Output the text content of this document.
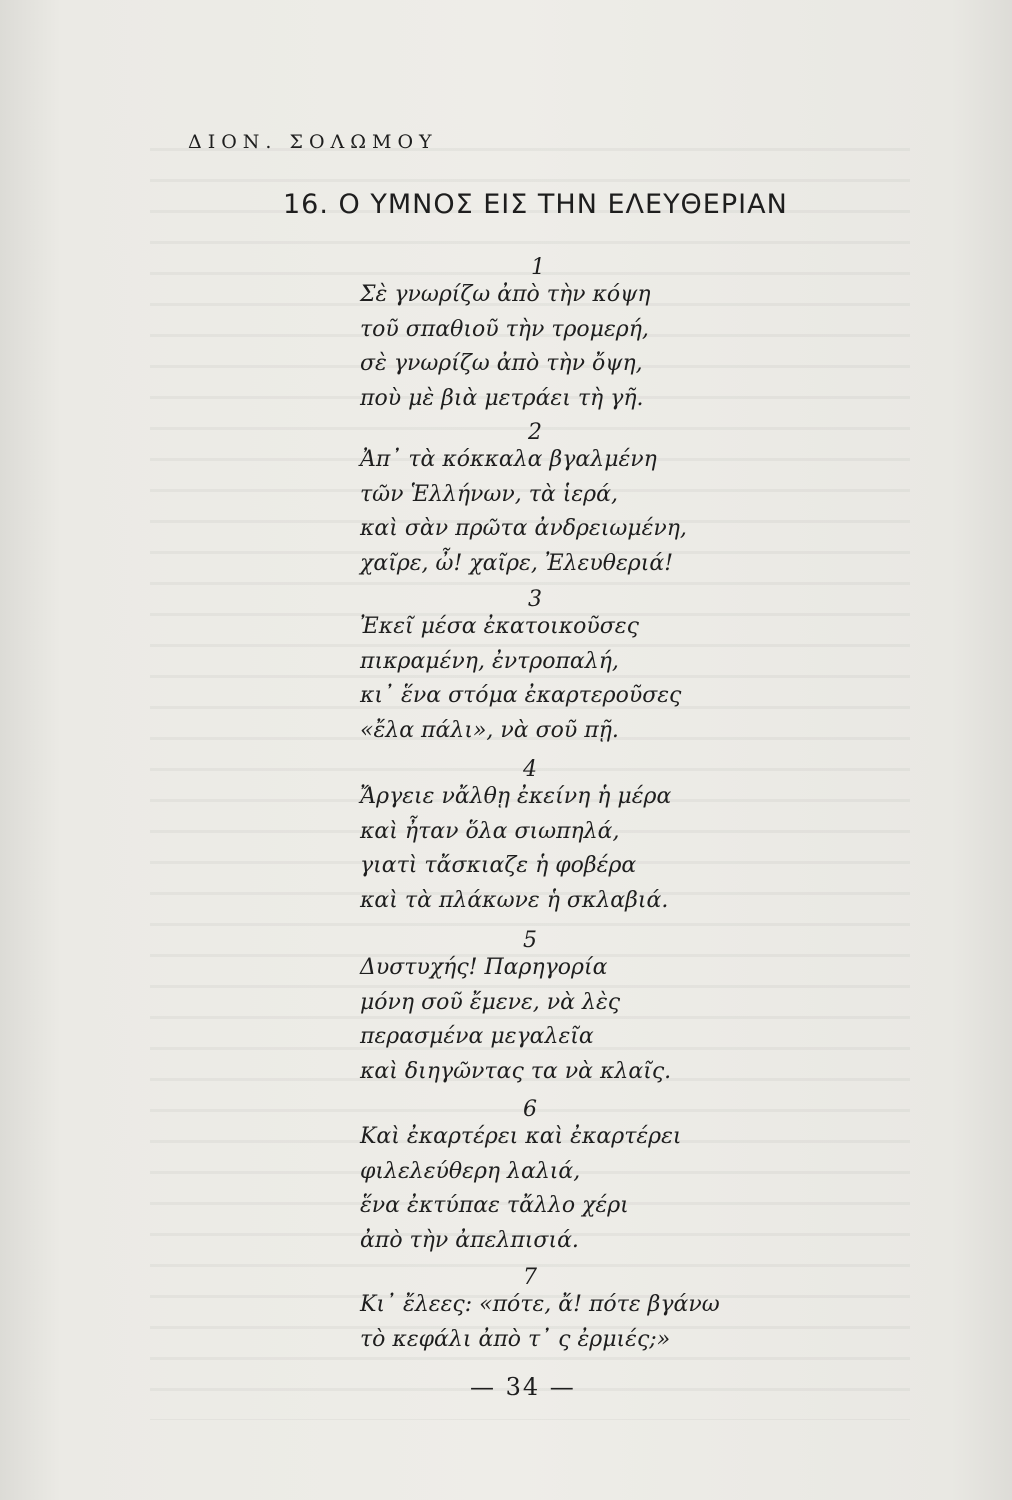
ΔΙΟΝ. ΣΟΛΩΜΟΥ
16. Ο ΥΜΝΟΣ ΕΙΣ ΤΗΝ ΕΛΕΥΘΕΡΙΑΝ
1
Σὲ γνωρίζω ἀπὸ τὴν κόψη
τοῦ σπαθιοῦ τὴν τρομερή,
σὲ γνωρίζω ἀπὸ τὴν ὄψη,
ποὺ μὲ βιὰ μετράει τὴ γῆ.
2
Ἀπ᾿ τὰ κόκκαλα βγαλμένη
τῶν Ἑλλήνων, τὰ ἱερά,
καὶ σὰν πρῶτα ἀνδρειωμένη,
χαῖρε, ὦ! χαῖρε, Ἐλευθεριά!
3
Ἐκεῖ μέσα ἐκατοικοῦσες
πικραμένη, ἐντροπαλή,
κι᾿ ἕνα στόμα ἐκαρτεροῦσες
«ἔλα πάλι», νὰ σοῦ πῇ.
4
Ἄργειε νἄλθῃ ἐκείνη ἡ μέρα
καὶ ἦταν ὅλα σιωπηλά,
γιατὶ τἄσκιαζε ἡ φοβέρα
καὶ τὰ πλάκωνε ἡ σκλαβιά.
5
Δυστυχής! Παρηγορία
μόνη σοῦ ἔμενε, νὰ λὲς
περασμένα μεγαλεῖα
καὶ διηγῶντας τα νὰ κλαῖς.
6
Καὶ ἐκαρτέρει καὶ ἐκαρτέρει
φιλελεύθερη λαλιά,
ἕνα ἐκτύπαε τἄλλο χέρι
ἀπὸ τὴν ἀπελπισιά.
7
Κι᾿ ἔλεες: «πότε, ἄ! πότε βγάνω
τὸ κεφάλι ἀπὸ τ᾿ ς ἐρμιές;»
— 34 —
